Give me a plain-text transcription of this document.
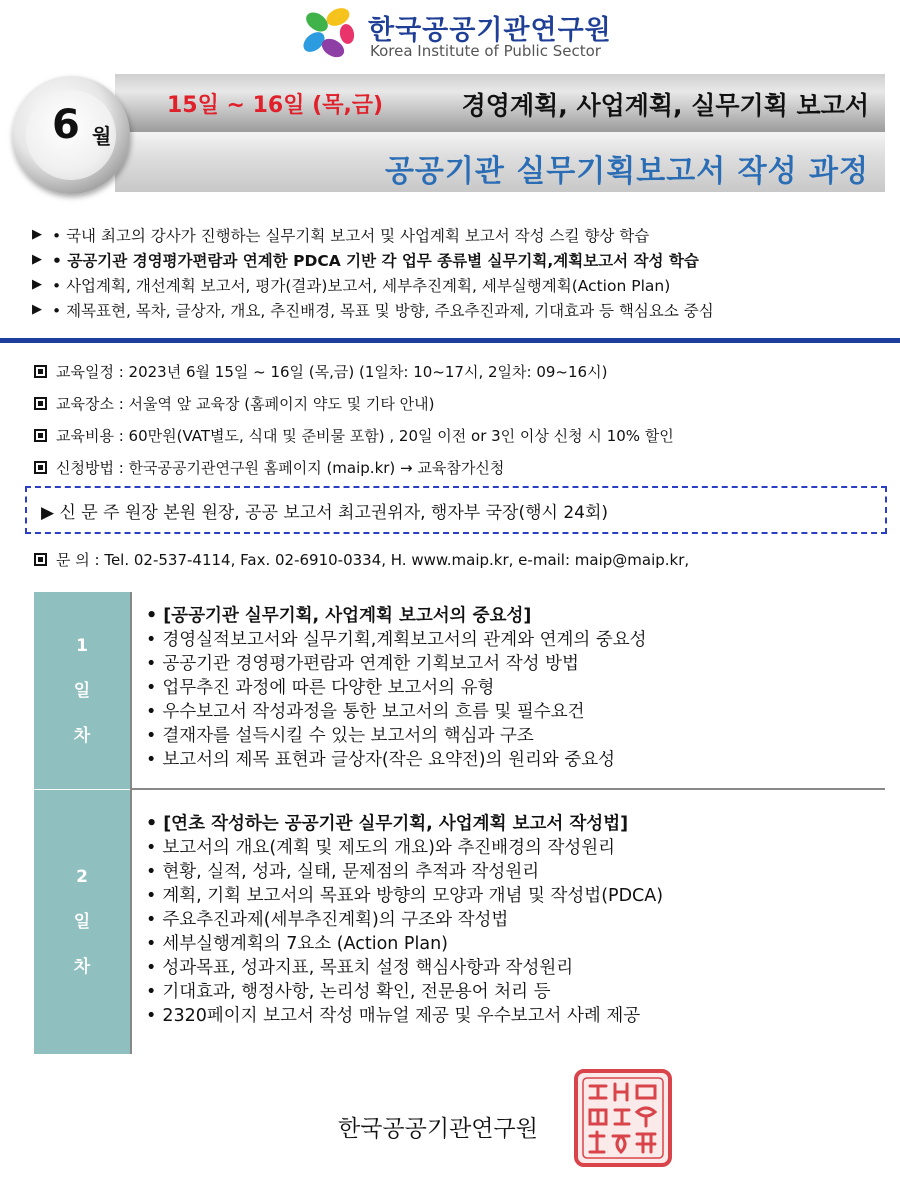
한국공공기관연구원
Korea Institute of Public Sector
15일 ~ 16일 (목,금)	경영계획, 사업계획, 실무기획 보고서
공공기관 실무기획보고서 작성 과정
6 월
▶ • 국내 최고의 강사가 진행하는 실무기획 보고서 및 사업계획 보고서 작성 스킬 향상 학습
▶ • 공공기관 경영평가편람과 연계한 PDCA 기반 각 업무 종류별 실무기획,계획보고서 작성 학습
▶ • 사업계획, 개선계획 보고서, 평가(결과)보고서, 세부추진계획, 세부실행계획(Action Plan)
▶ • 제목표현, 목차, 글상자, 개요, 추진배경, 목표 및 방향, 주요추진과제, 기대효과 등 핵심요소 중심
교육일정 : 2023년 6월 15일 ~ 16일 (목,금) (1일차: 10~17시, 2일차: 09~16시)
교육장소 : 서울역 앞 교육장 (홈페이지 약도 및 기타 안내)
교육비용 : 60만원(VAT별도, 식대 및 준비물 포함) , 20일 이전 or 3인 이상 신청 시 10% 할인
신청방법 : 한국공공기관연구원 홈페이지 (maip.kr) → 교육참가신청
▶ 신 문 주 원장 본원 원장, 공공 보고서 최고권위자, 행자부 국장(행시 24회)
문 의 : Tel. 02-537-4114, Fax. 02-6910-0334, H. www.maip.kr, e-mail: maip@maip.kr,
1
일
차
• [공공기관 실무기획, 사업계획 보고서의 중요성]
• 경영실적보고서와 실무기획,계획보고서의 관계와 연계의 중요성
• 공공기관 경영평가편람과 연계한 기획보고서 작성 방법
• 업무추진 과정에 따른 다양한 보고서의 유형
• 우수보고서 작성과정을 통한 보고서의 흐름 및 필수요건
• 결재자를 설득시킬 수 있는 보고서의 핵심과 구조
• 보고서의 제목 표현과 글상자(작은 요약전)의 원리와 중요성
2
일
차
• [연초 작성하는 공공기관 실무기획, 사업계획 보고서 작성법]
• 보고서의 개요(계획 및 제도의 개요)와 추진배경의 작성원리
• 현황, 실적, 성과, 실태, 문제점의 추적과 작성원리
• 계획, 기획 보고서의 목표와 방향의 모양과 개념 및 작성법(PDCA)
• 주요추진과제(세부추진계획)의 구조와 작성법
• 세부실행계획의 7요소 (Action Plan)
• 성과목표, 성과지표, 목표치 설정 핵심사항과 작성원리
• 기대효과, 행정사항, 논리성 확인, 전문용어 처리 등
• 2320페이지 보고서 작성 매뉴얼 제공 및 우수보고서 사례 제공
한국공공기관연구원
